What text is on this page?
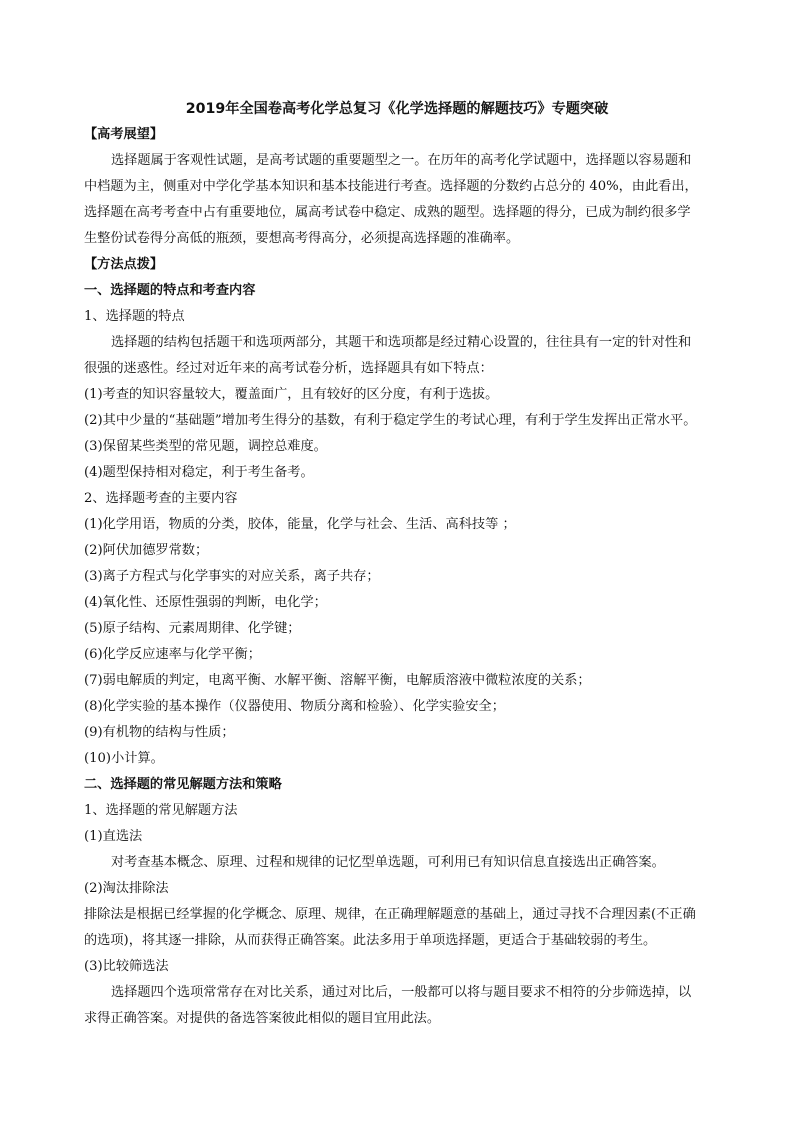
2019年全国卷高考化学总复习《化学选择题的解题技巧》专题突破
【高考展望】
选择题属于客观性试题，是高考试题的重要题型之一。在历年的高考化学试题中，选择题以容易题和
中档题为主，侧重对中学化学基本知识和基本技能进行考查。选择题的分数约占总分的 40%，由此看出，
选择题在高考考查中占有重要地位，属高考试卷中稳定、成熟的题型。选择题的得分，已成为制约很多学
生整份试卷得分高低的瓶颈，要想高考得高分，必须提高选择题的准确率。
【方法点拨】
一、选择题的特点和考查内容
1、选择题的特点
选择题的结构包括题干和选项两部分，其题干和选项都是经过精心设置的，往往具有一定的针对性和
很强的迷惑性。经过对近年来的高考试卷分析，选择题具有如下特点：
(1)考查的知识容量较大，覆盖面广，且有较好的区分度，有利于选拔。
(2)其中少量的“基础题”增加考生得分的基数，有利于稳定学生的考试心理，有利于学生发挥出正常水平。
(3)保留某些类型的常见题，调控总难度。
(4)题型保持相对稳定，利于考生备考。
2、选择题考查的主要内容
(1)化学用语，物质的分类，胶体，能量，化学与社会、生活、高科技等 ；
(2)阿伏加德罗常数；
(3)离子方程式与化学事实的对应关系，离子共存；
(4)氧化性、还原性强弱的判断，电化学；
(5)原子结构、元素周期律、化学键；
(6)化学反应速率与化学平衡；
(7)弱电解质的判定，电离平衡、水解平衡、溶解平衡，电解质溶液中微粒浓度的关系；
(8)化学实验的基本操作（仪器使用、物质分离和检验）、化学实验安全；
(9)有机物的结构与性质；
(10)小计算。
二、选择题的常见解题方法和策略
1、选择题的常见解题方法
(1)直选法
对考查基本概念、原理、过程和规律的记忆型单选题，可利用已有知识信息直接选出正确答案。
(2)淘汰排除法
排除法是根据已经掌握的化学概念、原理、规律，在正确理解题意的基础上，通过寻找不合理因素(不正确
的选项)，将其逐一排除，从而获得正确答案。此法多用于单项选择题，更适合于基础较弱的考生。
(3)比较筛选法
选择题四个选项常常存在对比关系，通过对比后，一般都可以将与题目要求不相符的分步筛选掉，以
求得正确答案。对提供的备选答案彼此相似的题目宜用此法。
